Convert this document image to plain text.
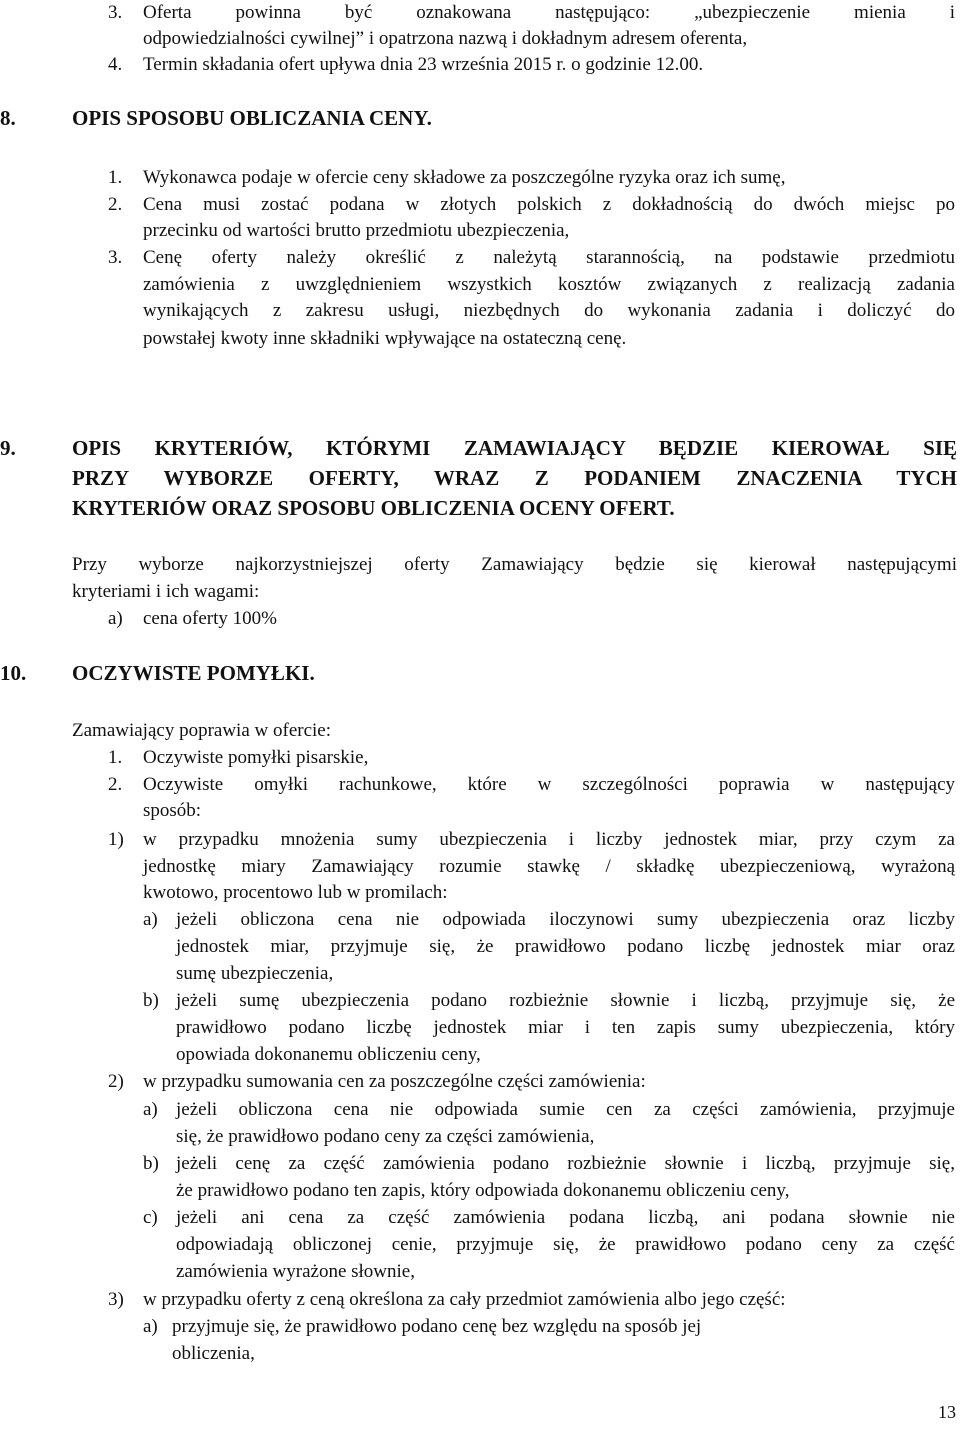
3. Oferta powinna być oznakowana następująco: „ubezpieczenie mienia i
odpowiedzialności cywilnej” i opatrzona nazwą i dokładnym adresem oferenta,
4. Termin składania ofert upływa dnia 23 września 2015 r. o godzinie 12.00.
8.	OPIS SPOSOBU OBLICZANIA CENY.
1. Wykonawca podaje w ofercie ceny składowe za poszczególne ryzyka oraz ich sumę,
2. Cena musi zostać podana w złotych polskich z dokładnością do dwóch miejsc po
przecinku od wartości brutto przedmiotu ubezpieczenia,
3. Cenę oferty należy określić z należytą starannością, na podstawie przedmiotu
zamówienia z uwzględnieniem wszystkich kosztów związanych z realizacją zadania
wynikających z zakresu usługi, niezbędnych do wykonania zadania i doliczyć do
powstałej kwoty inne składniki wpływające na ostateczną cenę.
9.	OPIS KRYTERIÓW, KTÓRYMI ZAMAWIAJĄCY BĘDZIE KIEROWAŁ SIĘ
PRZY WYBORZE OFERTY, WRAZ Z PODANIEM ZNACZENIA TYCH
KRYTERIÓW ORAZ SPOSOBU OBLICZENIA OCENY OFERT.
Przy wyborze najkorzystniejszej oferty Zamawiający będzie się kierował następującymi
kryteriami i ich wagami:
a) cena oferty 100%
10. OCZYWISTE POMYŁKI.
Zamawiający poprawia w ofercie:
1. Oczywiste pomyłki pisarskie,
2. Oczywiste omyłki rachunkowe, które w szczególności poprawia w następujący
sposób:
1) w przypadku mnożenia sumy ubezpieczenia i liczby jednostek miar, przy czym za
jednostkę miary Zamawiający rozumie stawkę / składkę ubezpieczeniową, wyrażoną
kwotowo, procentowo lub w promilach:
a) jeżeli obliczona cena nie odpowiada iloczynowi sumy ubezpieczenia oraz liczby
jednostek miar, przyjmuje się, że prawidłowo podano liczbę jednostek miar oraz
sumę ubezpieczenia,
b) jeżeli sumę ubezpieczenia podano rozbieżnie słownie i liczbą, przyjmuje się, że
prawidłowo podano liczbę jednostek miar i ten zapis sumy ubezpieczenia, który
opowiada dokonanemu obliczeniu ceny,
2) w przypadku sumowania cen za poszczególne części zamówienia:
a) jeżeli obliczona cena nie odpowiada sumie cen za części zamówienia, przyjmuje
się, że prawidłowo podano ceny za części zamówienia,
b) jeżeli cenę za część zamówienia podano rozbieżnie słownie i liczbą, przyjmuje się,
że prawidłowo podano ten zapis, który odpowiada dokonanemu obliczeniu ceny,
c) jeżeli ani cena za część zamówienia podana liczbą, ani podana słownie nie
odpowiadają obliczonej cenie, przyjmuje się, że prawidłowo podano ceny za część
zamówienia wyrażone słownie,
3) w przypadku oferty z ceną określona za cały przedmiot zamówienia albo jego część:
a) przyjmuje się, że prawidłowo podano cenę bez względu na sposób jej
obliczenia,
13
